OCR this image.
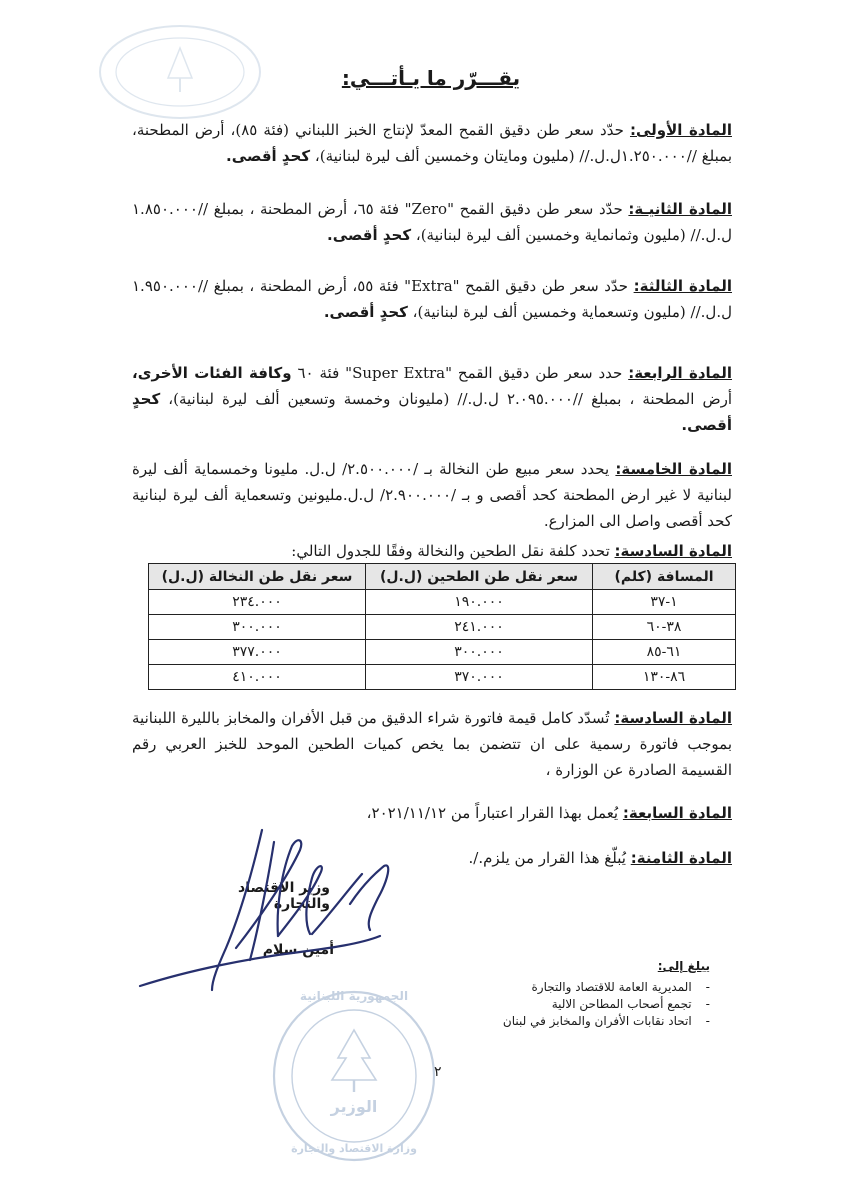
يقـــرّر ما يـأتـــي:
المادة الأولى: حدّد سعر طن دقيق القمح المعدّ لإنتاج الخبز اللبناني (فئة ٨٥)، أرض المطحنة، بمبلغ //١.٢٥٠.٠٠٠ل.ل.// (مليون ومايتان وخمسين ألف ليرة لبنانية)، كحدٍ أقصى.
المادة الثانيـة: حدّد سعر طن دقيق القمح "Zero" فئة ٦٥، أرض المطحنة ، بمبلغ //١.٨٥٠.٠٠٠ ل.ل.// (مليون وثمانماية وخمسين ألف ليرة لبنانية)، كحدٍ أقصى.
المادة الثالثة: حدّد سعر طن دقيق القمح "Extra" فئة ٥٥، أرض المطحنة ، بمبلغ //١.٩٥٠.٠٠٠ ل.ل.// (مليون وتسعماية وخمسين ألف ليرة لبنانية)، كحدٍ أقصى.
المادة الرابعة: حدد سعر طن دقيق القمح "Super Extra" فئة ٦٠ وكافة الفئات الأخرى، أرض المطحنة ، بمبلغ //٢.٠٩٥.٠٠٠ ل.ل.// (مليونان وخمسة وتسعين ألف ليرة لبنانية)، كحدٍ أقصى.
المادة الخامسة: يحدد سعر مبيع طن النخالة بـ /٢.٥٠٠.٠٠٠/ ل.ل. مليونا وخمسماية ألف ليرة لبنانية لا غير ارض المطحنة كحد أقصى و بـ /٢.٩٠٠.٠٠٠/ ل.ل.مليونين وتسعماية ألف ليرة لبنانية كحد أقصى واصل الى المزارع.
المادة السادسة: تحدد كلفة نقل الطحين والنخالة وفقًا للجدول التالي:
المسافة (كلم)	سعر نقل طن الطحين (ل.ل)	سعر نقل طن النخالة (ل.ل)
١-٣٧	١٩٠.٠٠٠	٢٣٤.٠٠٠
٣٨-٦٠	٢٤١.٠٠٠	٣٠٠.٠٠٠
٦١-٨٥	٣٠٠.٠٠٠	٣٧٧.٠٠٠
٨٦-١٣٠	٣٧٠.٠٠٠	٤١٠.٠٠٠
المادة السادسة: تُسدّد كامل قيمة فاتورة شراء الدقيق من قبل الأفران والمخابز بالليرة اللبنانية بموجب فاتورة رسمية على ان تتضمن بما يخص كميات الطحين الموحد للخبز العربي رقم القسيمة الصادرة عن الوزارة ،
المادة السابعة: يُعمل بهذا القرار اعتباراً من ٢٠٢١/١١/١٢،
المادة الثامنة: يُبلّغ هذا القرار من يلزم./.
وزير الاقتصاد والتجارة
أمين سلام
يبلغ إلى:
-
المديرية العامة للاقتصاد والتجارة
-
تجمع أصحاب المطاحن الالية
-
اتحاد نقابات الأفران والمخابز في لبنان
٢
الجمهورية اللبنانية
الوزير
وزارة الاقتصاد والتجارة
